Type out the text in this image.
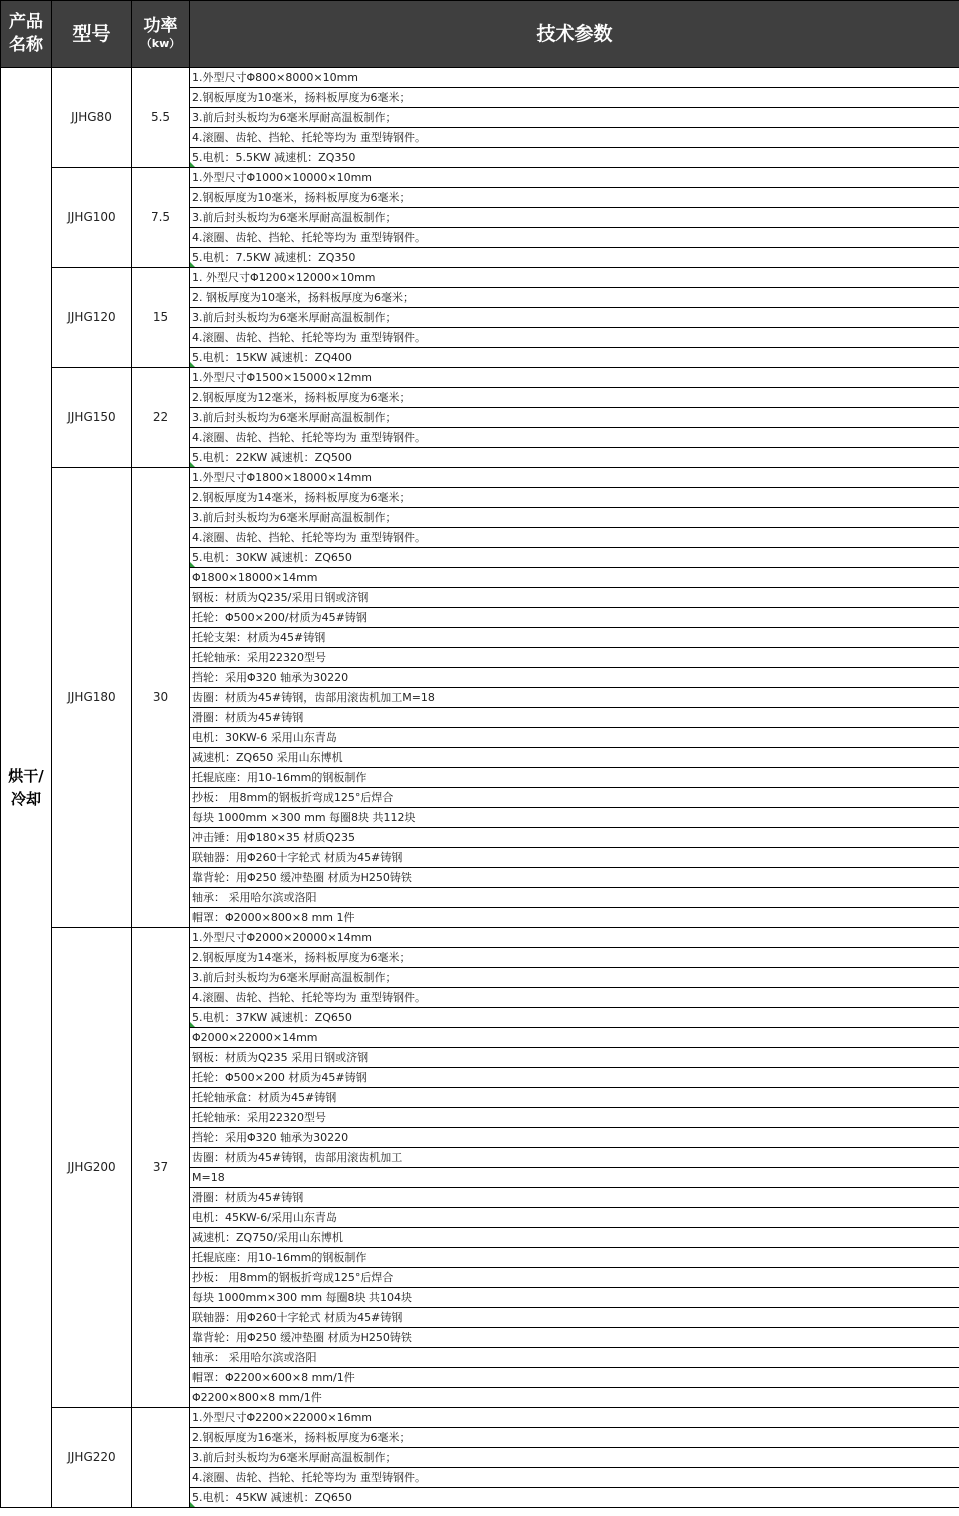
产品
名称	型号	功率
（kw）	技术参数
烘干/
冷却	JJHG80	5.5	1.外型尺寸Φ800×8000×10mm
			2.钢板厚度为10毫米，扬料板厚度为6毫米；
			3.前后封头板均为6毫米厚耐高温板制作；
			4.滚圈、齿轮、挡轮、托轮等均为 重型铸钢件。
			5.电机：5.5KW 减速机：ZQ350
	JJHG100	7.5	1.外型尺寸Φ1000×10000×10mm
			2.钢板厚度为10毫米，扬料板厚度为6毫米；
			3.前后封头板均为6毫米厚耐高温板制作；
			4.滚圈、齿轮、挡轮、托轮等均为 重型铸钢件。
			5.电机：7.5KW 减速机：ZQ350
	JJHG120	15	1. 外型尺寸Φ1200×12000×10mm
			2. 钢板厚度为10毫米，扬料板厚度为6毫米；
			3.前后封头板均为6毫米厚耐高温板制作；
			4.滚圈、齿轮、挡轮、托轮等均为 重型铸钢件。
			5.电机：15KW 减速机：ZQ400
	JJHG150	22	1.外型尺寸Φ1500×15000×12mm
			2.钢板厚度为12毫米，扬料板厚度为6毫米；
			3.前后封头板均为6毫米厚耐高温板制作；
			4.滚圈、齿轮、挡轮、托轮等均为 重型铸钢件。
			5.电机：22KW 减速机：ZQ500
	JJHG180	30	1.外型尺寸Φ1800×18000×14mm
			2.钢板厚度为14毫米，扬料板厚度为6毫米；
			3.前后封头板均为6毫米厚耐高温板制作；
			4.滚圈、齿轮、挡轮、托轮等均为 重型铸钢件。
			5.电机：30KW 减速机：ZQ650
			Φ1800×18000×14mm
			钢板：材质为Q235/采用日钢或济钢
			托轮：Φ500×200/材质为45#铸钢
			托轮支架：材质为45#铸钢
			托轮轴承：采用22320型号
			挡轮：采用Φ320 轴承为30220
			齿圈：材质为45#铸钢，齿部用滚齿机加工M=18
			滑圈：材质为45#铸钢
			电机：30KW-6 采用山东青岛
			减速机：ZQ650 采用山东博机
			托辊底座：用10-16mm的钢板制作
			抄板： 用8mm的钢板折弯成125°后焊合
			每块 1000mm ×300 mm 每圈8块 共112块
			冲击锤：用Φ180×35 材质Q235
			联轴器：用Φ260十字轮式 材质为45#铸钢
			靠背轮：用Φ250 缓冲垫圈 材质为H250铸铁
			轴承： 采用哈尔滨或洛阳
			帽罩：Φ2000×800×8 mm 1件
	JJHG200	37	1.外型尺寸Φ2000×20000×14mm
			2.钢板厚度为14毫米，扬料板厚度为6毫米；
			3.前后封头板均为6毫米厚耐高温板制作；
			4.滚圈、齿轮、挡轮、托轮等均为 重型铸钢件。
			5.电机：37KW 减速机：ZQ650
			Φ2000×22000×14mm
			钢板：材质为Q235 采用日钢或济钢
			托轮：Φ500×200 材质为45#铸钢
			托轮轴承盒：材质为45#铸钢
			托轮轴承：采用22320型号
			挡轮：采用Φ320 轴承为30220
			齿圈：材质为45#铸钢，齿部用滚齿机加工
			M=18
			滑圈：材质为45#铸钢
			电机：45KW-6/采用山东青岛
			减速机：ZQ750/采用山东博机
			托辊底座：用10-16mm的钢板制作
			抄板： 用8mm的钢板折弯成125°后焊合
			每块 1000mm×300 mm 每圈8块 共104块
			联轴器：用Φ260十字轮式 材质为45#铸钢
			靠背轮：用Φ250 缓冲垫圈 材质为H250铸铁
			轴承： 采用哈尔滨或洛阳
			帽罩：Φ2200×600×8 mm/1件
			Φ2200×800×8 mm/1件
	JJHG220		1.外型尺寸Φ2200×22000×16mm
			2.钢板厚度为16毫米，扬料板厚度为6毫米；
			3.前后封头板均为6毫米厚耐高温板制作；
			4.滚圈、齿轮、挡轮、托轮等均为 重型铸钢件。
			5.电机：45KW 减速机：ZQ650
